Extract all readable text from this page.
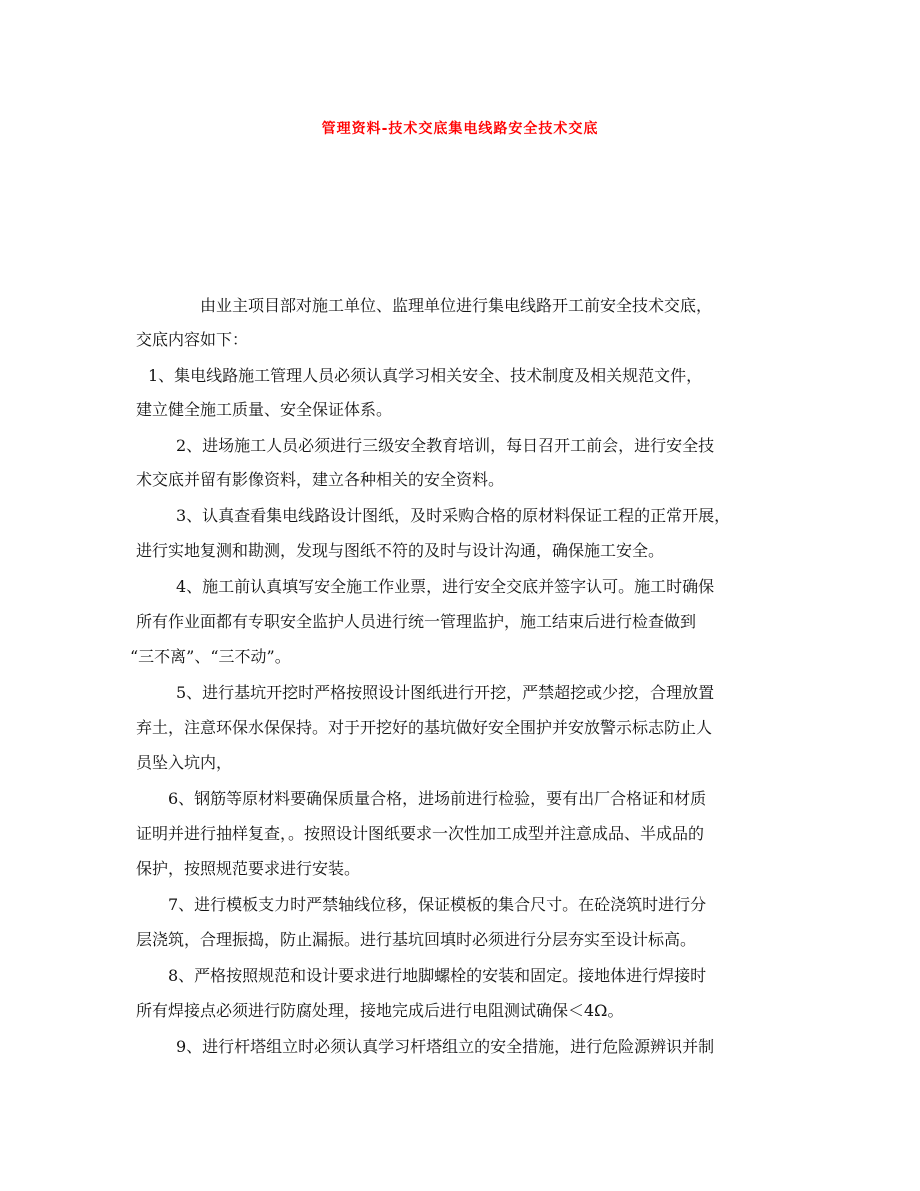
管理资料-技术交底集电线路安全技术交底
由业主项目部对施工单位、监理单位进行集电线路开工前安全技术交底，
交底内容如下：
1、集电线路施工管理人员必须认真学习相关安全、技术制度及相关规范文件，
建立健全施工质量、安全保证体系。
2、进场施工人员必须进行三级安全教育培训，每日召开工前会，进行安全技
术交底并留有影像资料，建立各种相关的安全资料。
3、认真查看集电线路设计图纸，及时采购合格的原材料保证工程的正常开展，
进行实地复测和勘测，发现与图纸不符的及时与设计沟通，确保施工安全。
4、施工前认真填写安全施工作业票，进行安全交底并签字认可。施工时确保
所有作业面都有专职安全监护人员进行统一管理监护，施工结束后进行检查做到
“三不离”、“三不动”。
5、进行基坑开挖时严格按照设计图纸进行开挖，严禁超挖或少挖，合理放置
弃土，注意环保水保保持。对于开挖好的基坑做好安全围护并安放警示标志防止人
员坠入坑内，
6、钢筋等原材料要确保质量合格，进场前进行检验，要有出厂合格证和材质
证明并进行抽样复查，。按照设计图纸要求一次性加工成型并注意成品、半成品的
保护，按照规范要求进行安装。
7、进行模板支力时严禁轴线位移，保证模板的集合尺寸。在砼浇筑时进行分
层浇筑，合理振捣，防止漏振。进行基坑回填时必须进行分层夯实至设计标高。
8、严格按照规范和设计要求进行地脚螺栓的安装和固定。接地体进行焊接时
所有焊接点必须进行防腐处理，接地完成后进行电阻测试确保＜4Ω。
9、进行杆塔组立时必须认真学习杆塔组立的安全措施，进行危险源辨识并制
